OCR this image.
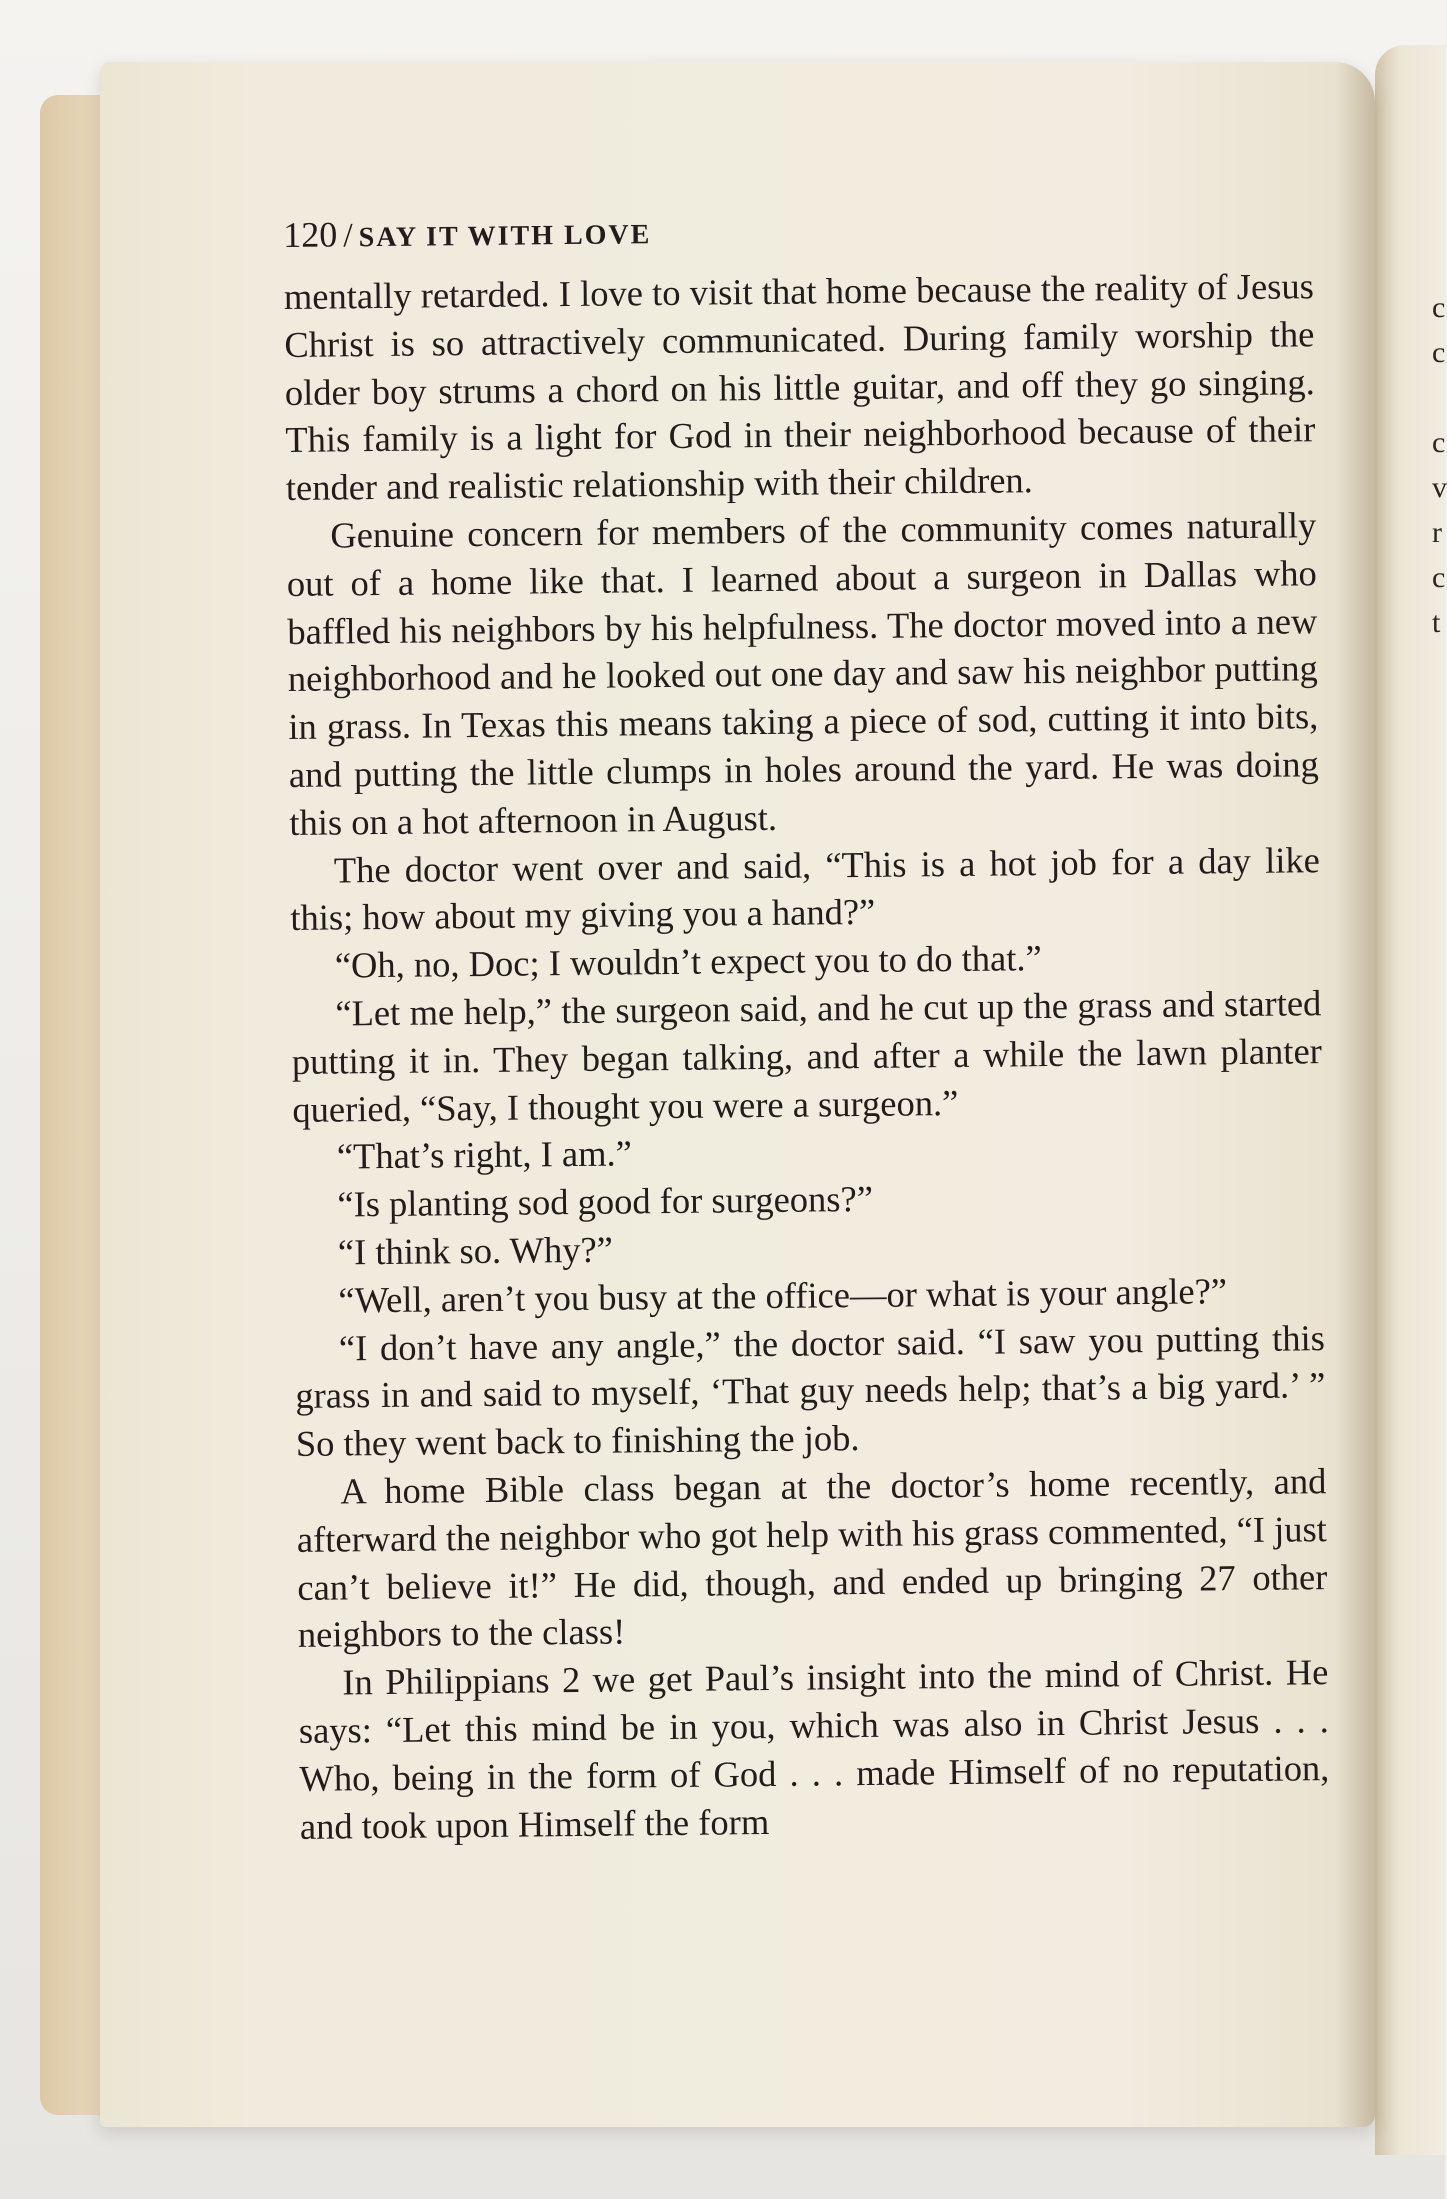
c
c

c
v
r
c
t
120 / SAY IT WITH LOVE

mentally retarded. I love to visit that home because the reality of Jesus Christ is so attractively communicated. During family worship the older boy strums a chord on his little guitar, and off they go singing. This family is a light for God in their neighborhood because of their tender and realistic relationship with their children.

Genuine concern for members of the community comes naturally out of a home like that. I learned about a surgeon in Dallas who baffled his neighbors by his helpfulness. The doctor moved into a new neighborhood and he looked out one day and saw his neighbor putting in grass. In Texas this means taking a piece of sod, cutting it into bits, and putting the little clumps in holes around the yard. He was doing this on a hot afternoon in August.

The doctor went over and said, “This is a hot job for a day like this; how about my giving you a hand?”

“Oh, no, Doc; I wouldn’t expect you to do that.”

“Let me help,” the surgeon said, and he cut up the grass and started putting it in. They began talking, and after a while the lawn planter queried, “Say, I thought you were a surgeon.”

“That’s right, I am.”

“Is planting sod good for surgeons?”

“I think so. Why?”

“Well, aren’t you busy at the office—or what is your angle?”

“I don’t have any angle,” the doctor said. “I saw you putting this grass in and said to myself, ‘That guy needs help; that’s a big yard.’ ” So they went back to finishing the job.

A home Bible class began at the doctor’s home recently, and afterward the neighbor who got help with his grass commented, “I just can’t believe it!” He did, though, and ended up bringing 27 other neighbors to the class!

In Philippians 2 we get Paul’s insight into the mind of Christ. He says: “Let this mind be in you, which was also in Christ Jesus . . . Who, being in the form of God . . . made Himself of no reputation, and took upon Himself the form
